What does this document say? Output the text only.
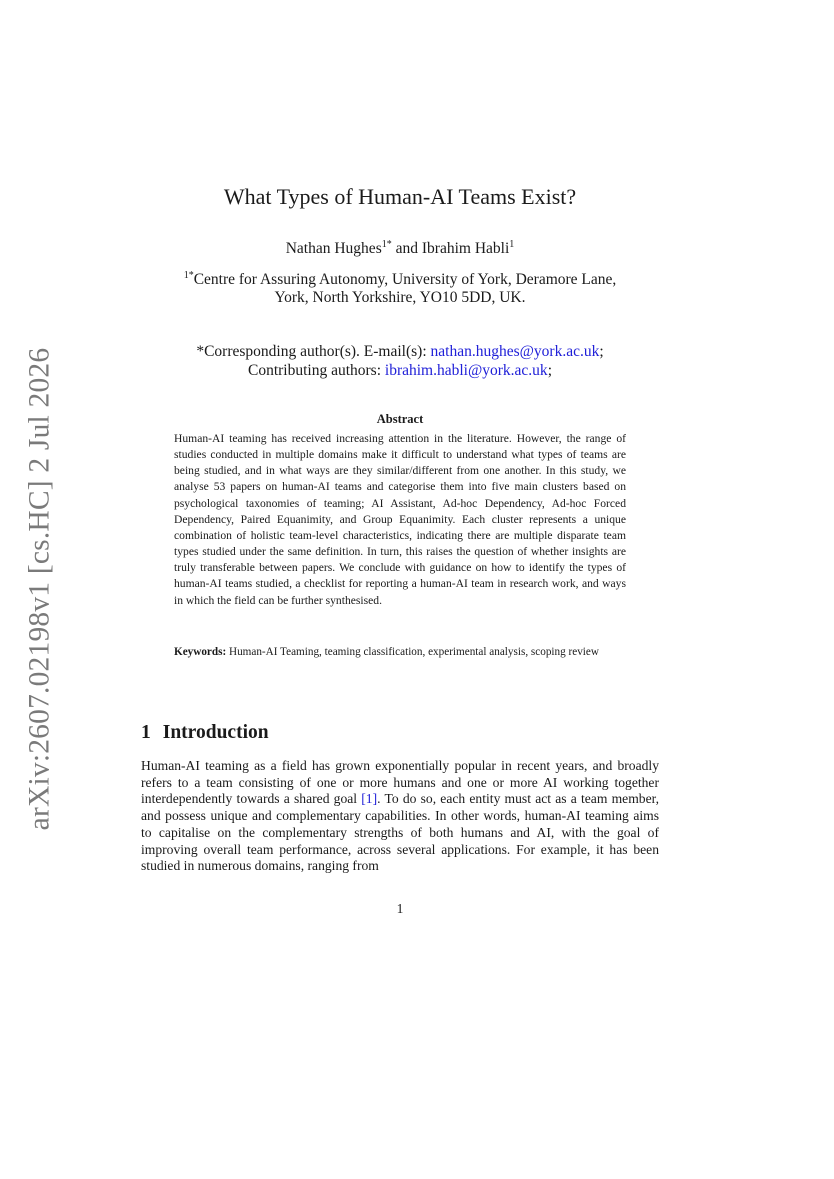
arXiv:2607.02198v1 [cs.HC] 2 Jul 2026
What Types of Human-AI Teams Exist?
Nathan Hughes$^{1*}$ and Ibrahim Habli$^1$
$^{1*}$Centre for Assuring Autonomy, University of York, Deramore Lane,
York, North Yorkshire, YO10 5DD, UK.
*Corresponding author(s). E-mail(s): nathan.hughes@york.ac.uk;
Contributing authors: ibrahim.habli@york.ac.uk;
Abstract

Human-AI teaming has received increasing attention in the literature. However, the range of studies conducted in multiple domains make it difficult to understand what types of teams are being studied, and in what ways are they similar/different from one another. In this study, we analyse 53 papers on human-AI teams and categorise them into five main clusters based on psychological taxonomies of teaming; AI Assistant, Ad-hoc Dependency, Ad-hoc Forced Dependency, Paired Equanimity, and Group Equanimity. Each cluster represents a unique combination of holistic team-level characteristics, indicating there are multiple disparate team types studied under the same definition. In turn, this raises the question of whether insights are truly transferable between papers. We conclude with guidance on how to identify the types of human-AI teams studied, a checklist for reporting a human-AI team in research work, and ways in which the field can be further synthesised.

Keywords: Human-AI Teaming, teaming classification, experimental analysis, scoping review

1 Introduction

Human-AI teaming as a field has grown exponentially popular in recent years, and broadly refers to a team consisting of one or more humans and one or more AI working together interdependently towards a shared goal [1]. To do so, each entity must act as a team member, and possess unique and complementary capabilities. In other words, human-AI teaming aims to capitalise on the complementary strengths of both humans and AI, with the goal of improving overall team performance, across several applications. For example, it has been studied in numerous domains, ranging from

1
